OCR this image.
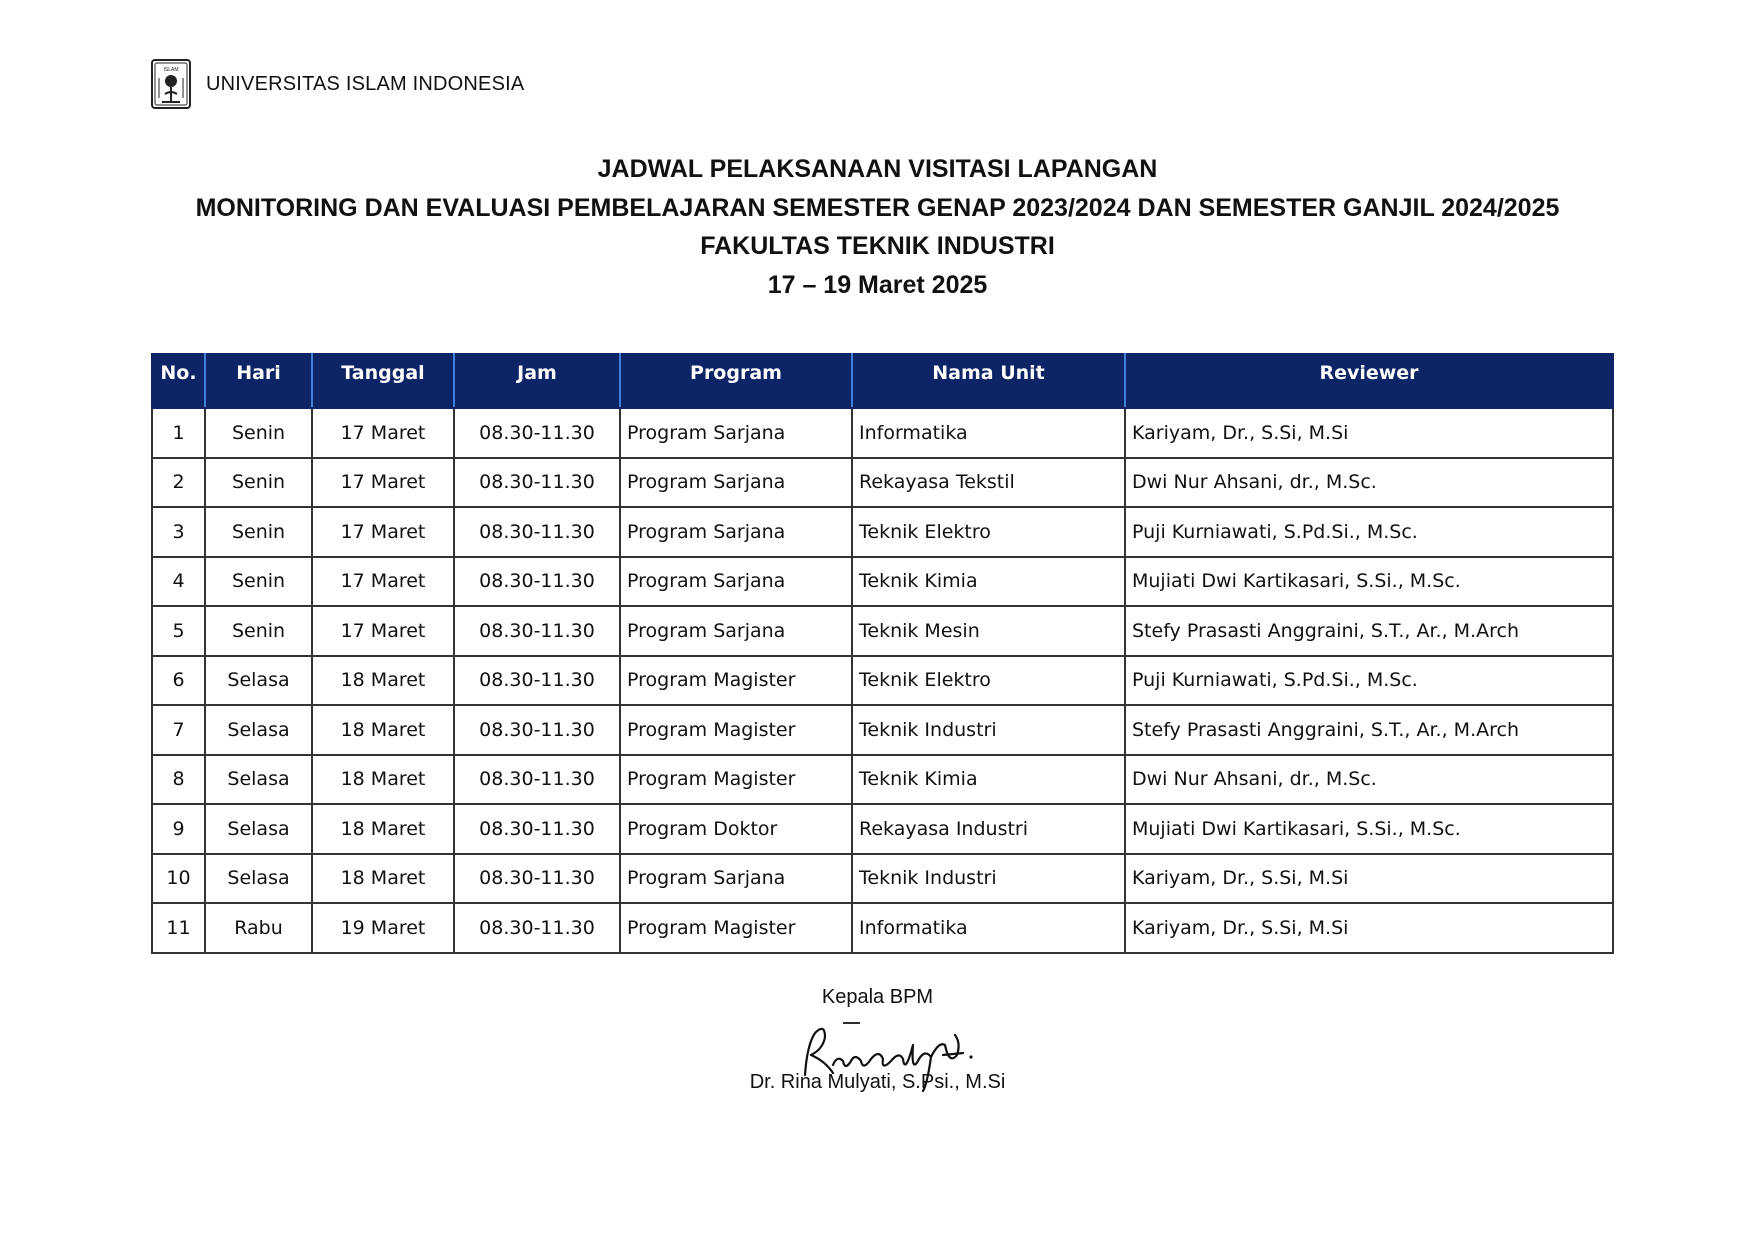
ISLAM
UNIVERSITAS ISLAM INDONESIA
JADWAL PELAKSANAAN VISITASI LAPANGAN
MONITORING DAN EVALUASI PEMBELAJARAN SEMESTER GENAP 2023/2024 DAN SEMESTER GANJIL 2024/2025
FAKULTAS TEKNIK INDUSTRI
17 – 19 Maret 2025
No.	Hari	Tanggal	Jam	Program	Nama Unit	Reviewer
1	Senin	17 Maret	08.30-11.30	Program Sarjana	Informatika	Kariyam, Dr., S.Si, M.Si
2	Senin	17 Maret	08.30-11.30	Program Sarjana	Rekayasa Tekstil	Dwi Nur Ahsani, dr., M.Sc.
3	Senin	17 Maret	08.30-11.30	Program Sarjana	Teknik Elektro	Puji Kurniawati, S.Pd.Si., M.Sc.
4	Senin	17 Maret	08.30-11.30	Program Sarjana	Teknik Kimia	Mujiati Dwi Kartikasari, S.Si., M.Sc.
5	Senin	17 Maret	08.30-11.30	Program Sarjana	Teknik Mesin	Stefy Prasasti Anggraini, S.T., Ar., M.Arch
6	Selasa	18 Maret	08.30-11.30	Program Magister	Teknik Elektro	Puji Kurniawati, S.Pd.Si., M.Sc.
7	Selasa	18 Maret	08.30-11.30	Program Magister	Teknik Industri	Stefy Prasasti Anggraini, S.T., Ar., M.Arch
8	Selasa	18 Maret	08.30-11.30	Program Magister	Teknik Kimia	Dwi Nur Ahsani, dr., M.Sc.
9	Selasa	18 Maret	08.30-11.30	Program Doktor	Rekayasa Industri	Mujiati Dwi Kartikasari, S.Si., M.Sc.
10	Selasa	18 Maret	08.30-11.30	Program Sarjana	Teknik Industri	Kariyam, Dr., S.Si, M.Si
11	Rabu	19 Maret	08.30-11.30	Program Magister	Informatika	Kariyam, Dr., S.Si, M.Si
Kepala BPM
Dr. Rina Mulyati, S.Psi., M.Si
